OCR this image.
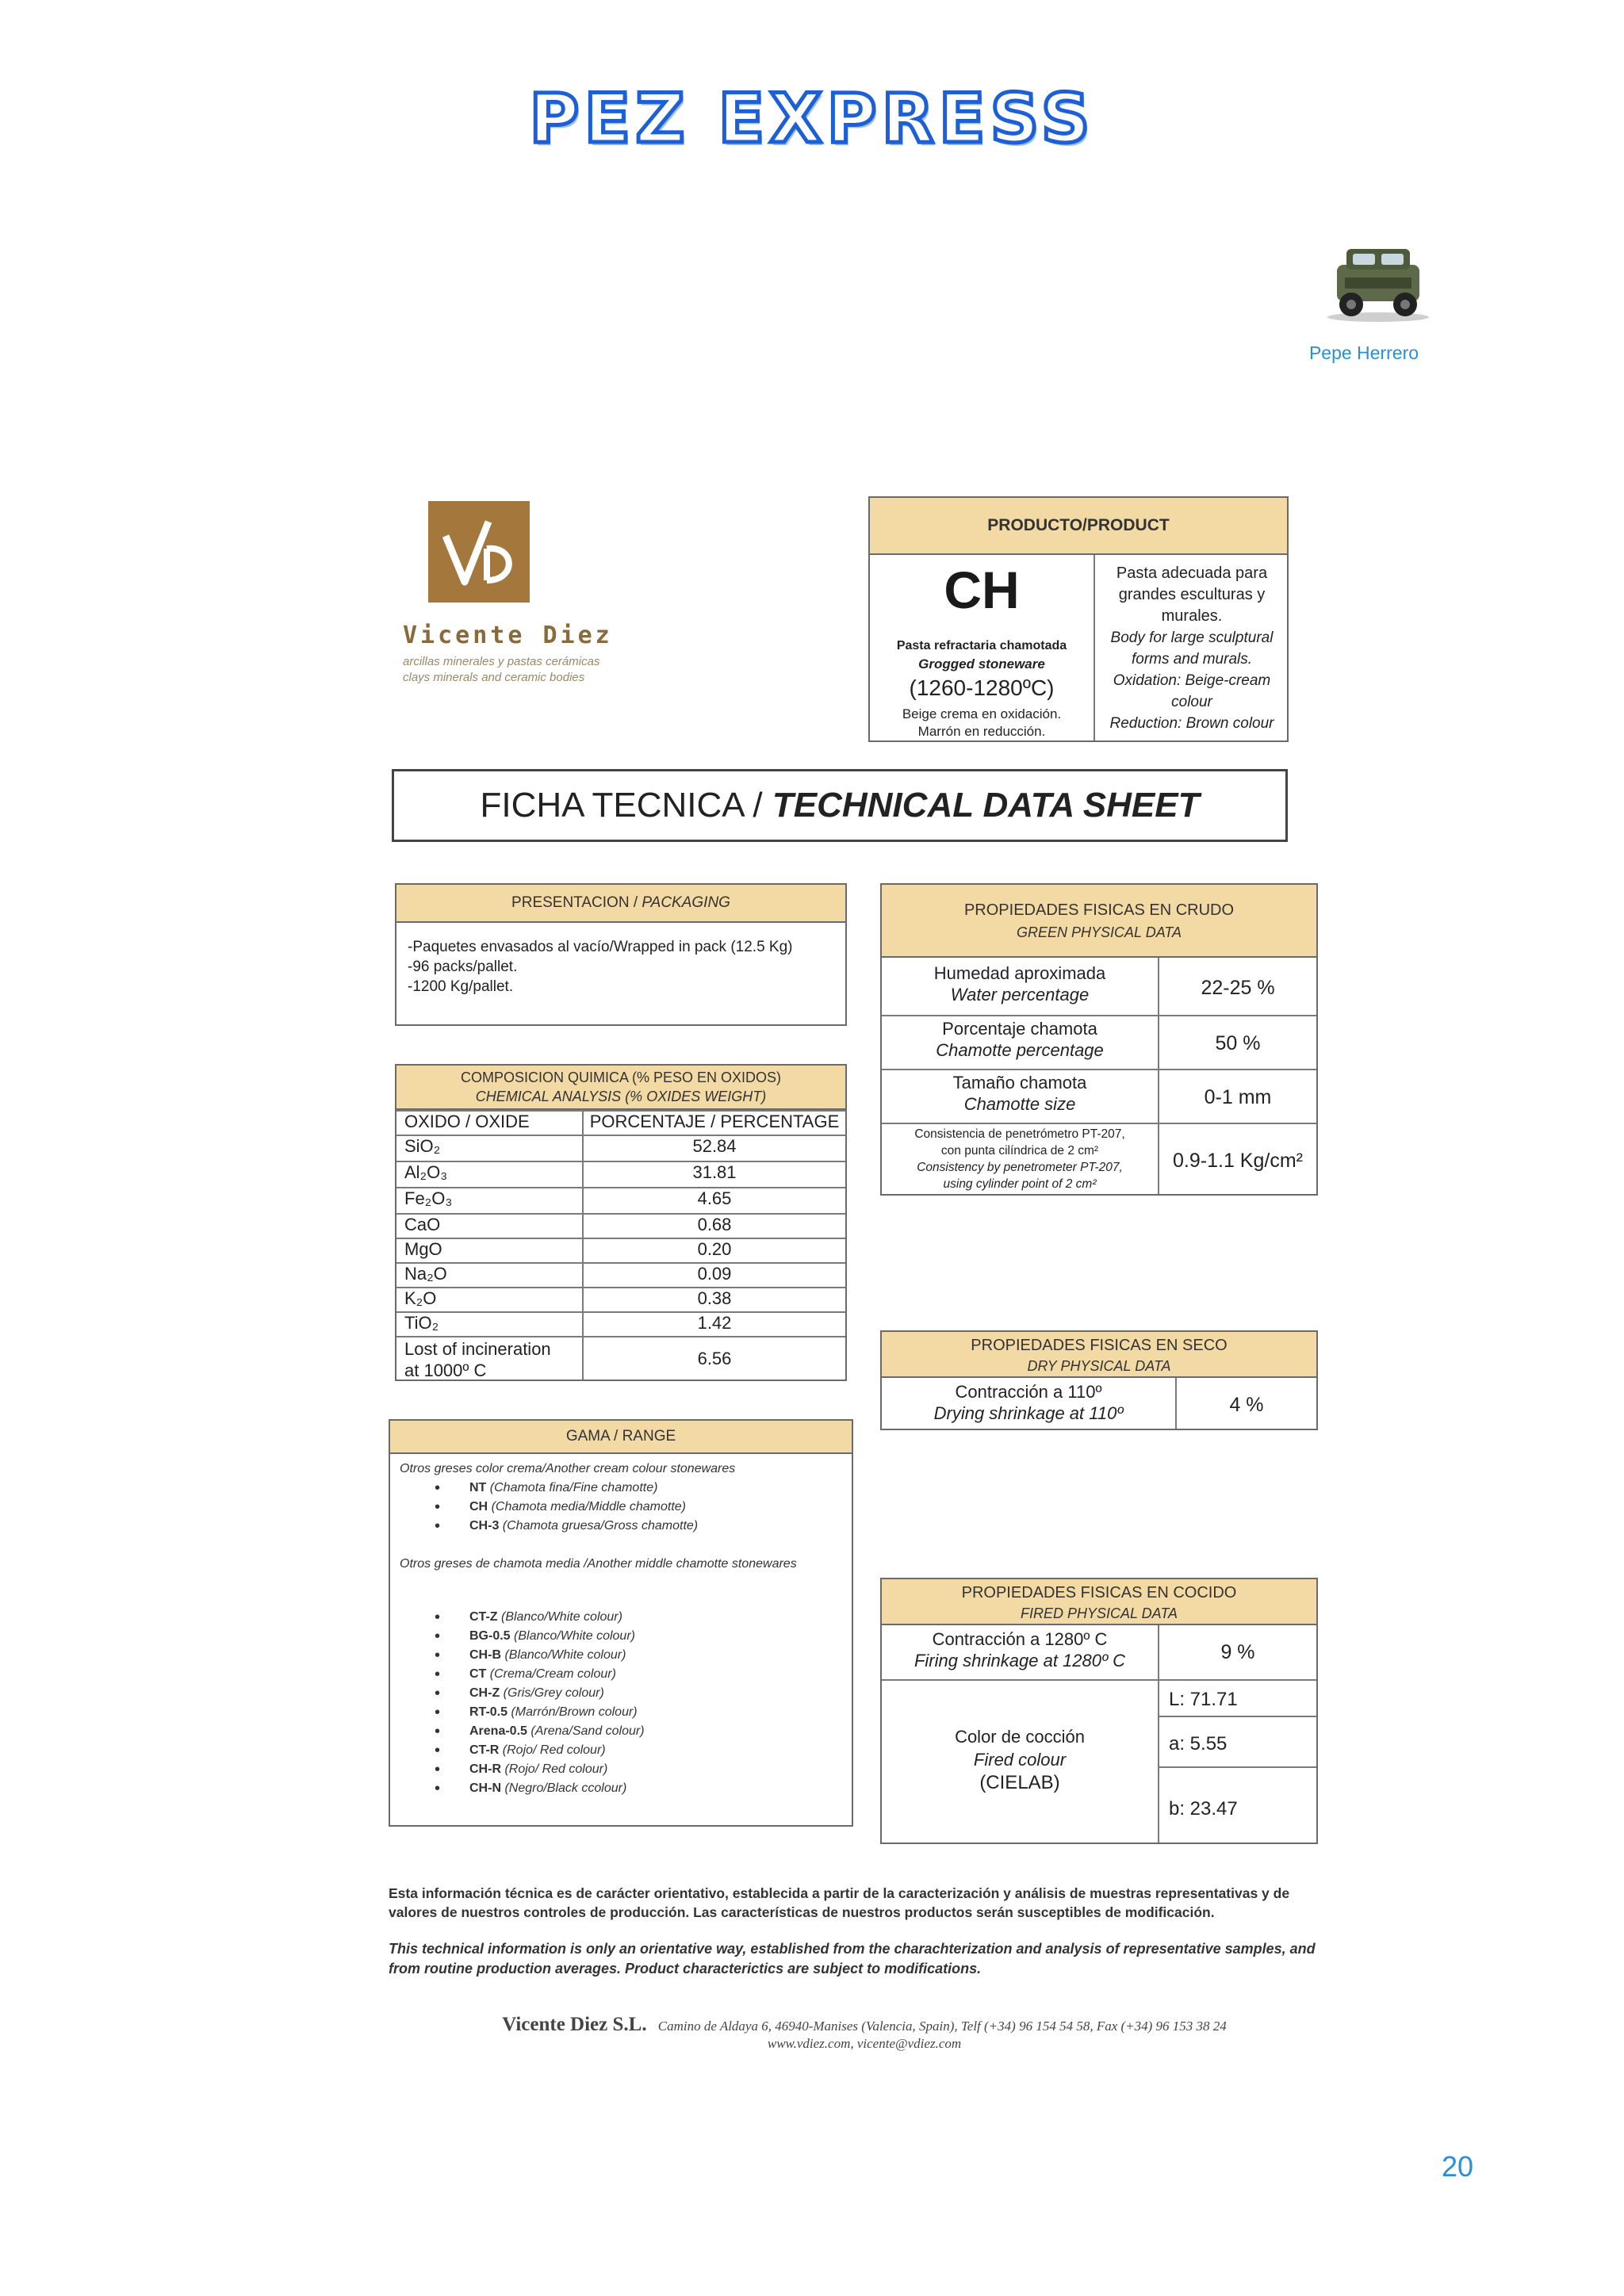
PEZ EXPRESS
Pepe Herrero
Vicente Diez
arcillas minerales y pastas cerámicas
clays minerals and ceramic bodies
PRODUCTO/PRODUCT
CH
Pasta refractaria chamotada
Grogged stoneware
(1260-1280ºC)
Beige crema en oxidación.
Marrón en reducción.
Pasta adecuada para grandes esculturas y murales.
Body for large sculptural forms and murals.
Oxidation: Beige-cream colour
Reduction: Brown colour
FICHA TECNICA / TECHNICAL DATA SHEET
PRESENTACION / PACKAGING
-Paquetes envasados al vacío/Wrapped in pack (12.5 Kg)
-96 packs/pallet.
-1200 Kg/pallet.
COMPOSICION QUIMICA (% PESO EN OXIDOS)
CHEMICAL ANALYSIS (% OXIDES WEIGHT)
OXIDO / OXIDE	PORCENTAJE / PERCENTAGE
SiO₂	52.84
Al₂O₃	31.81
Fe₂O₃	4.65
CaO	0.68
MgO	0.20
Na₂O	0.09
K₂O	0.38
TiO₂	1.42
Lost of incineration
at 1000º C
6.56
GAMA / RANGE
Otros greses color crema/Another cream colour stonewares
• NT (Chamota fina/Fine chamotte)
• CH (Chamota media/Middle chamotte)
• CH-3 (Chamota gruesa/Gross chamotte)
Otros greses de chamota media /Another middle chamotte stonewares
• CT-Z (Blanco/White colour)
• BG-0.5 (Blanco/White colour)
• CH-B (Blanco/White colour)
• CT (Crema/Cream colour)
• CH-Z (Gris/Grey colour)
• RT-0.5 (Marrón/Brown colour)
• Arena-0.5 (Arena/Sand colour)
• CT-R (Rojo/ Red colour)
• CH-R (Rojo/ Red colour)
• CH-N (Negro/Black ccolour)
PROPIEDADES FISICAS EN CRUDO
GREEN PHYSICAL DATA
Humedad aproximada
Water percentage	22-25 %
Porcentaje chamota
Chamotte percentage	50 %
Tamaño chamota
Chamotte size	0-1 mm
Consistencia de penetrómetro PT-207,
con punta cilíndrica de 2 cm²
Consistency by penetrometer PT-207,
using cylinder point of 2 cm²
0.9-1.1 Kg/cm²
PROPIEDADES FISICAS EN SECO
DRY PHYSICAL DATA
Contracción a 110º
Drying shrinkage at 110º	4 %
PROPIEDADES FISICAS EN COCIDO
FIRED PHYSICAL DATA
Contracción a 1280º C
Firing shrinkage at 1280º C	9 %
Color de cocción
Fired colour
(CIELAB)
L: 71.71
a: 5.55
b: 23.47
Esta información técnica es de carácter orientativo, establecida a partir de la caracterización y análisis de muestras representativas y de valores de nuestros controles de producción. Las características de nuestros productos serán susceptibles de modificación.
This technical information is only an orientative way, established from the charachterization and analysis of representative samples, and from routine production averages. Product characterictics are subject to modifications.
Vicente Diez S.L. Camino de Aldaya 6, 46940-Manises (Valencia, Spain), Telf (+34) 96 154 54 58, Fax (+34) 96 153 38 24
www.vdiez.com, vicente@vdiez.com
20
